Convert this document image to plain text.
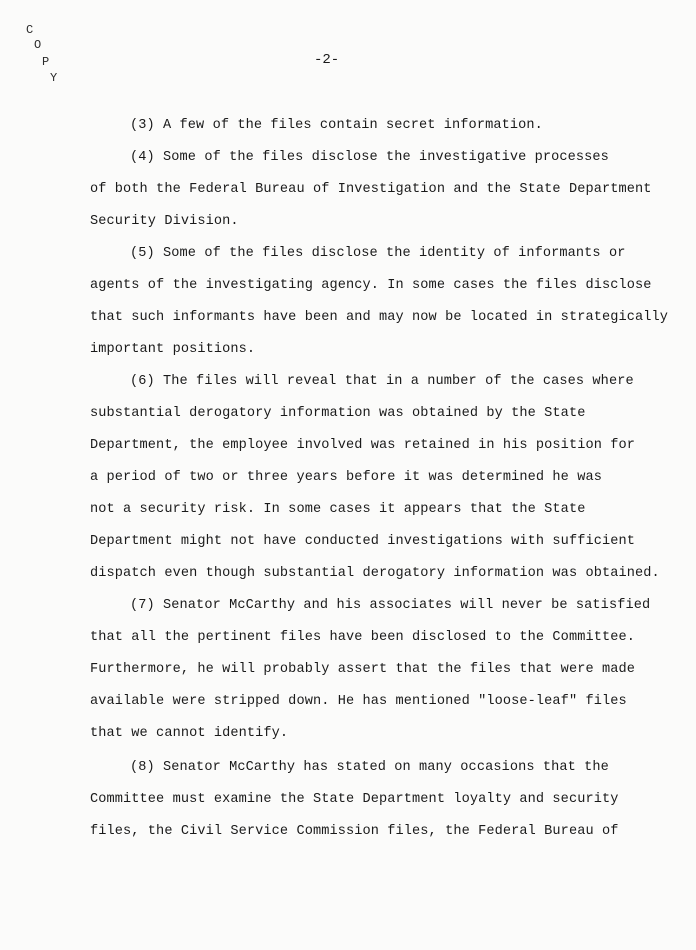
C
O
P
Y
-2-

(3) A few of the files contain secret information.

(4) Some of the files disclose the investigative processes
of both the Federal Bureau of Investigation and the State Department
Security Division.

(5) Some of the files disclose the identity of informants or
agents of the investigating agency. In some cases the files disclose
that such informants have been and may now be located in strategically
important positions.

(6) The files will reveal that in a number of the cases where
substantial derogatory information was obtained by the State
Department, the employee involved was retained in his position for
a period of two or three years before it was determined he was
not a security risk. In some cases it appears that the State
Department might not have conducted investigations with sufficient
dispatch even though substantial derogatory information was obtained.

(7) Senator McCarthy and his associates will never be satisfied
that all the pertinent files have been disclosed to the Committee.
Furthermore, he will probably assert that the files that were made
available were stripped down. He has mentioned "loose-leaf" files
that we cannot identify.

(8) Senator McCarthy has stated on many occasions that the
Committee must examine the State Department loyalty and security
files, the Civil Service Commission files, the Federal Bureau of
